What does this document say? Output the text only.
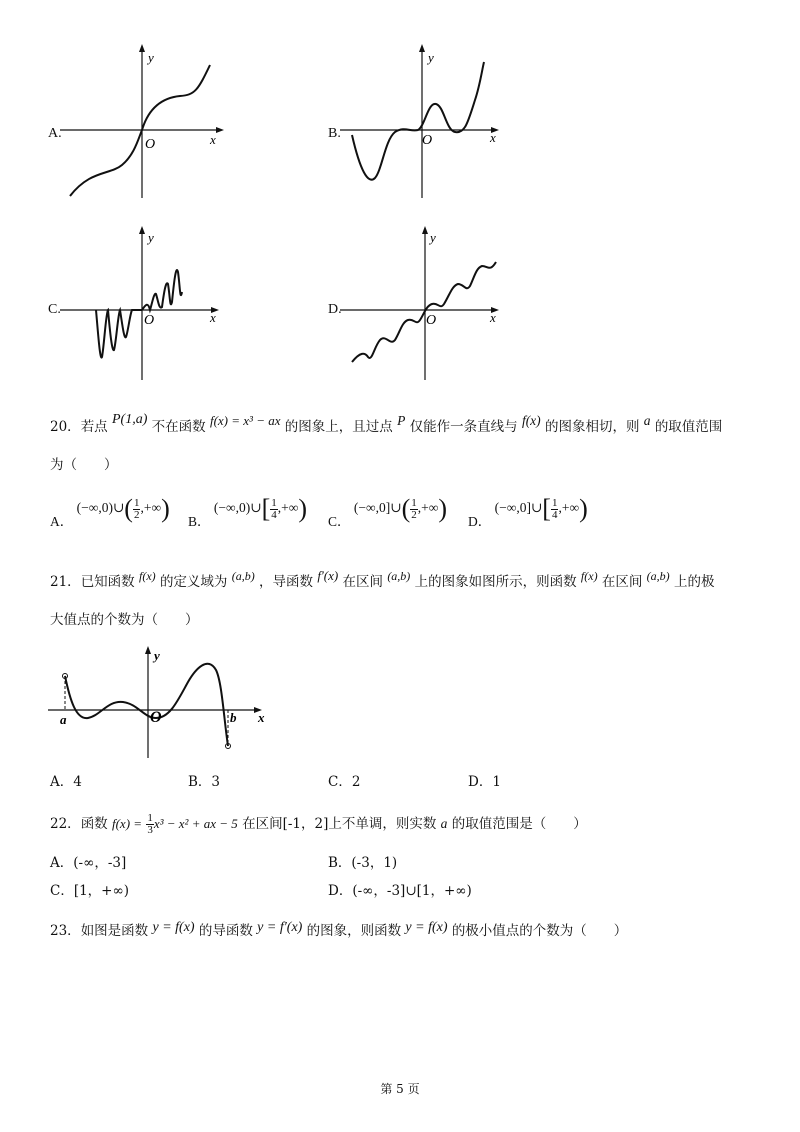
A.
y
x
O
B.
y
x
O
C.
y
x
O
D.
y
x
O
20．若点 P(1,a) 不在函数 f(x) = x³ − ax 的图象上，且过点 P 仅能作一条直线与 f(x) 的图象相切，则 a 的取值范围
为（　　）
A． (−∞,0)∪( $\frac{1}{2}$ ,+∞) B． (−∞,0)∪[ $\frac{1}{4}$ ,+∞) C． (−∞,0]∪( $\frac{1}{2}$ ,+∞) D． (−∞,0]∪[ $\frac{1}{4}$ ,+∞)
21．已知函数 f(x) 的定义域为 (a,b) ，导函数 f′(x) 在区间 (a,b) 上的图象如图所示，则函数 f(x) 在区间 (a,b) 上的极
大值点的个数为（　　）
y
x
O
a	b
A．4	B．3	C．2	D．1
22．函数 $f(x) = \frac{1}{3} x^3 - x^2$ + ax − 5 在区间[-1，2]上不单调，则实数 a 的取值范围是（　　）
A．(-∞，-3]	B．(-3，1)
C．[1，+∞)	D．(-∞，-3]∪[1，+∞)
23．如图是函数 y = f(x) 的导函数 y = f′(x) 的图象，则函数 y = f(x) 的极小值点的个数为（　　）
第 5 页
